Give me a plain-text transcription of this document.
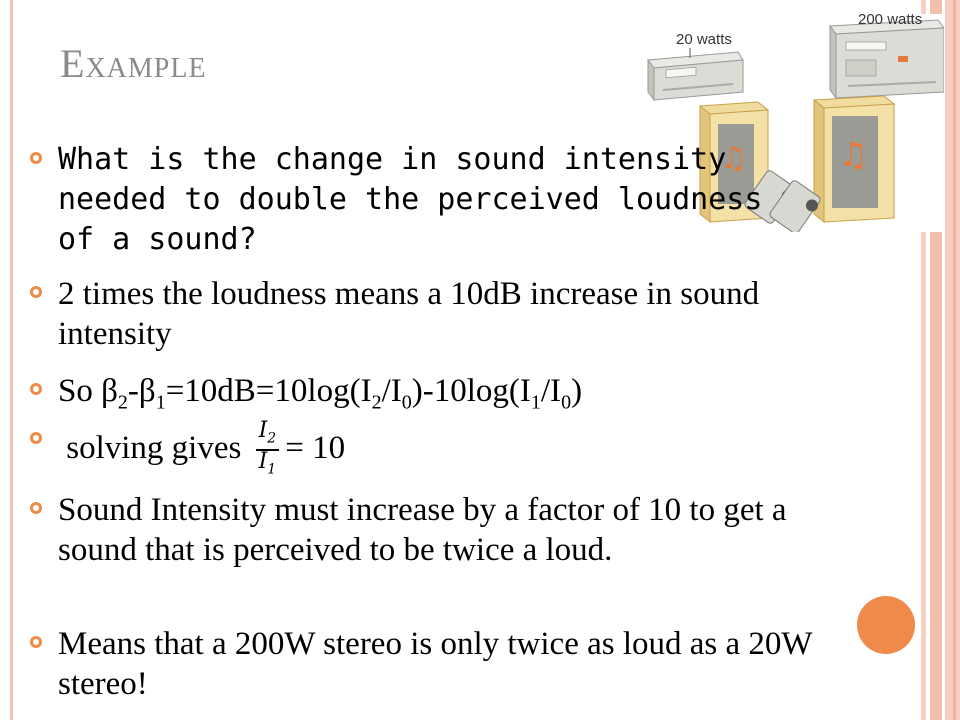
EXAMPLE
20 watts
200 watts
♫	♫
What is the change in sound intensity needed to double the perceived loudness of a sound?
2 times the loudness means a 10dB increase in sound intensity
So $\beta_2-\beta_1=10dB=10\log(I_2/I_0)-10\log(I_1/I_0)$
solving gives $\frac{I_2}{I_1} = 10$
Sound Intensity must increase by a factor of 10 to get a sound that is perceived to be twice a loud.
Means that a 200W stereo is only twice as loud as a 20W stereo!
